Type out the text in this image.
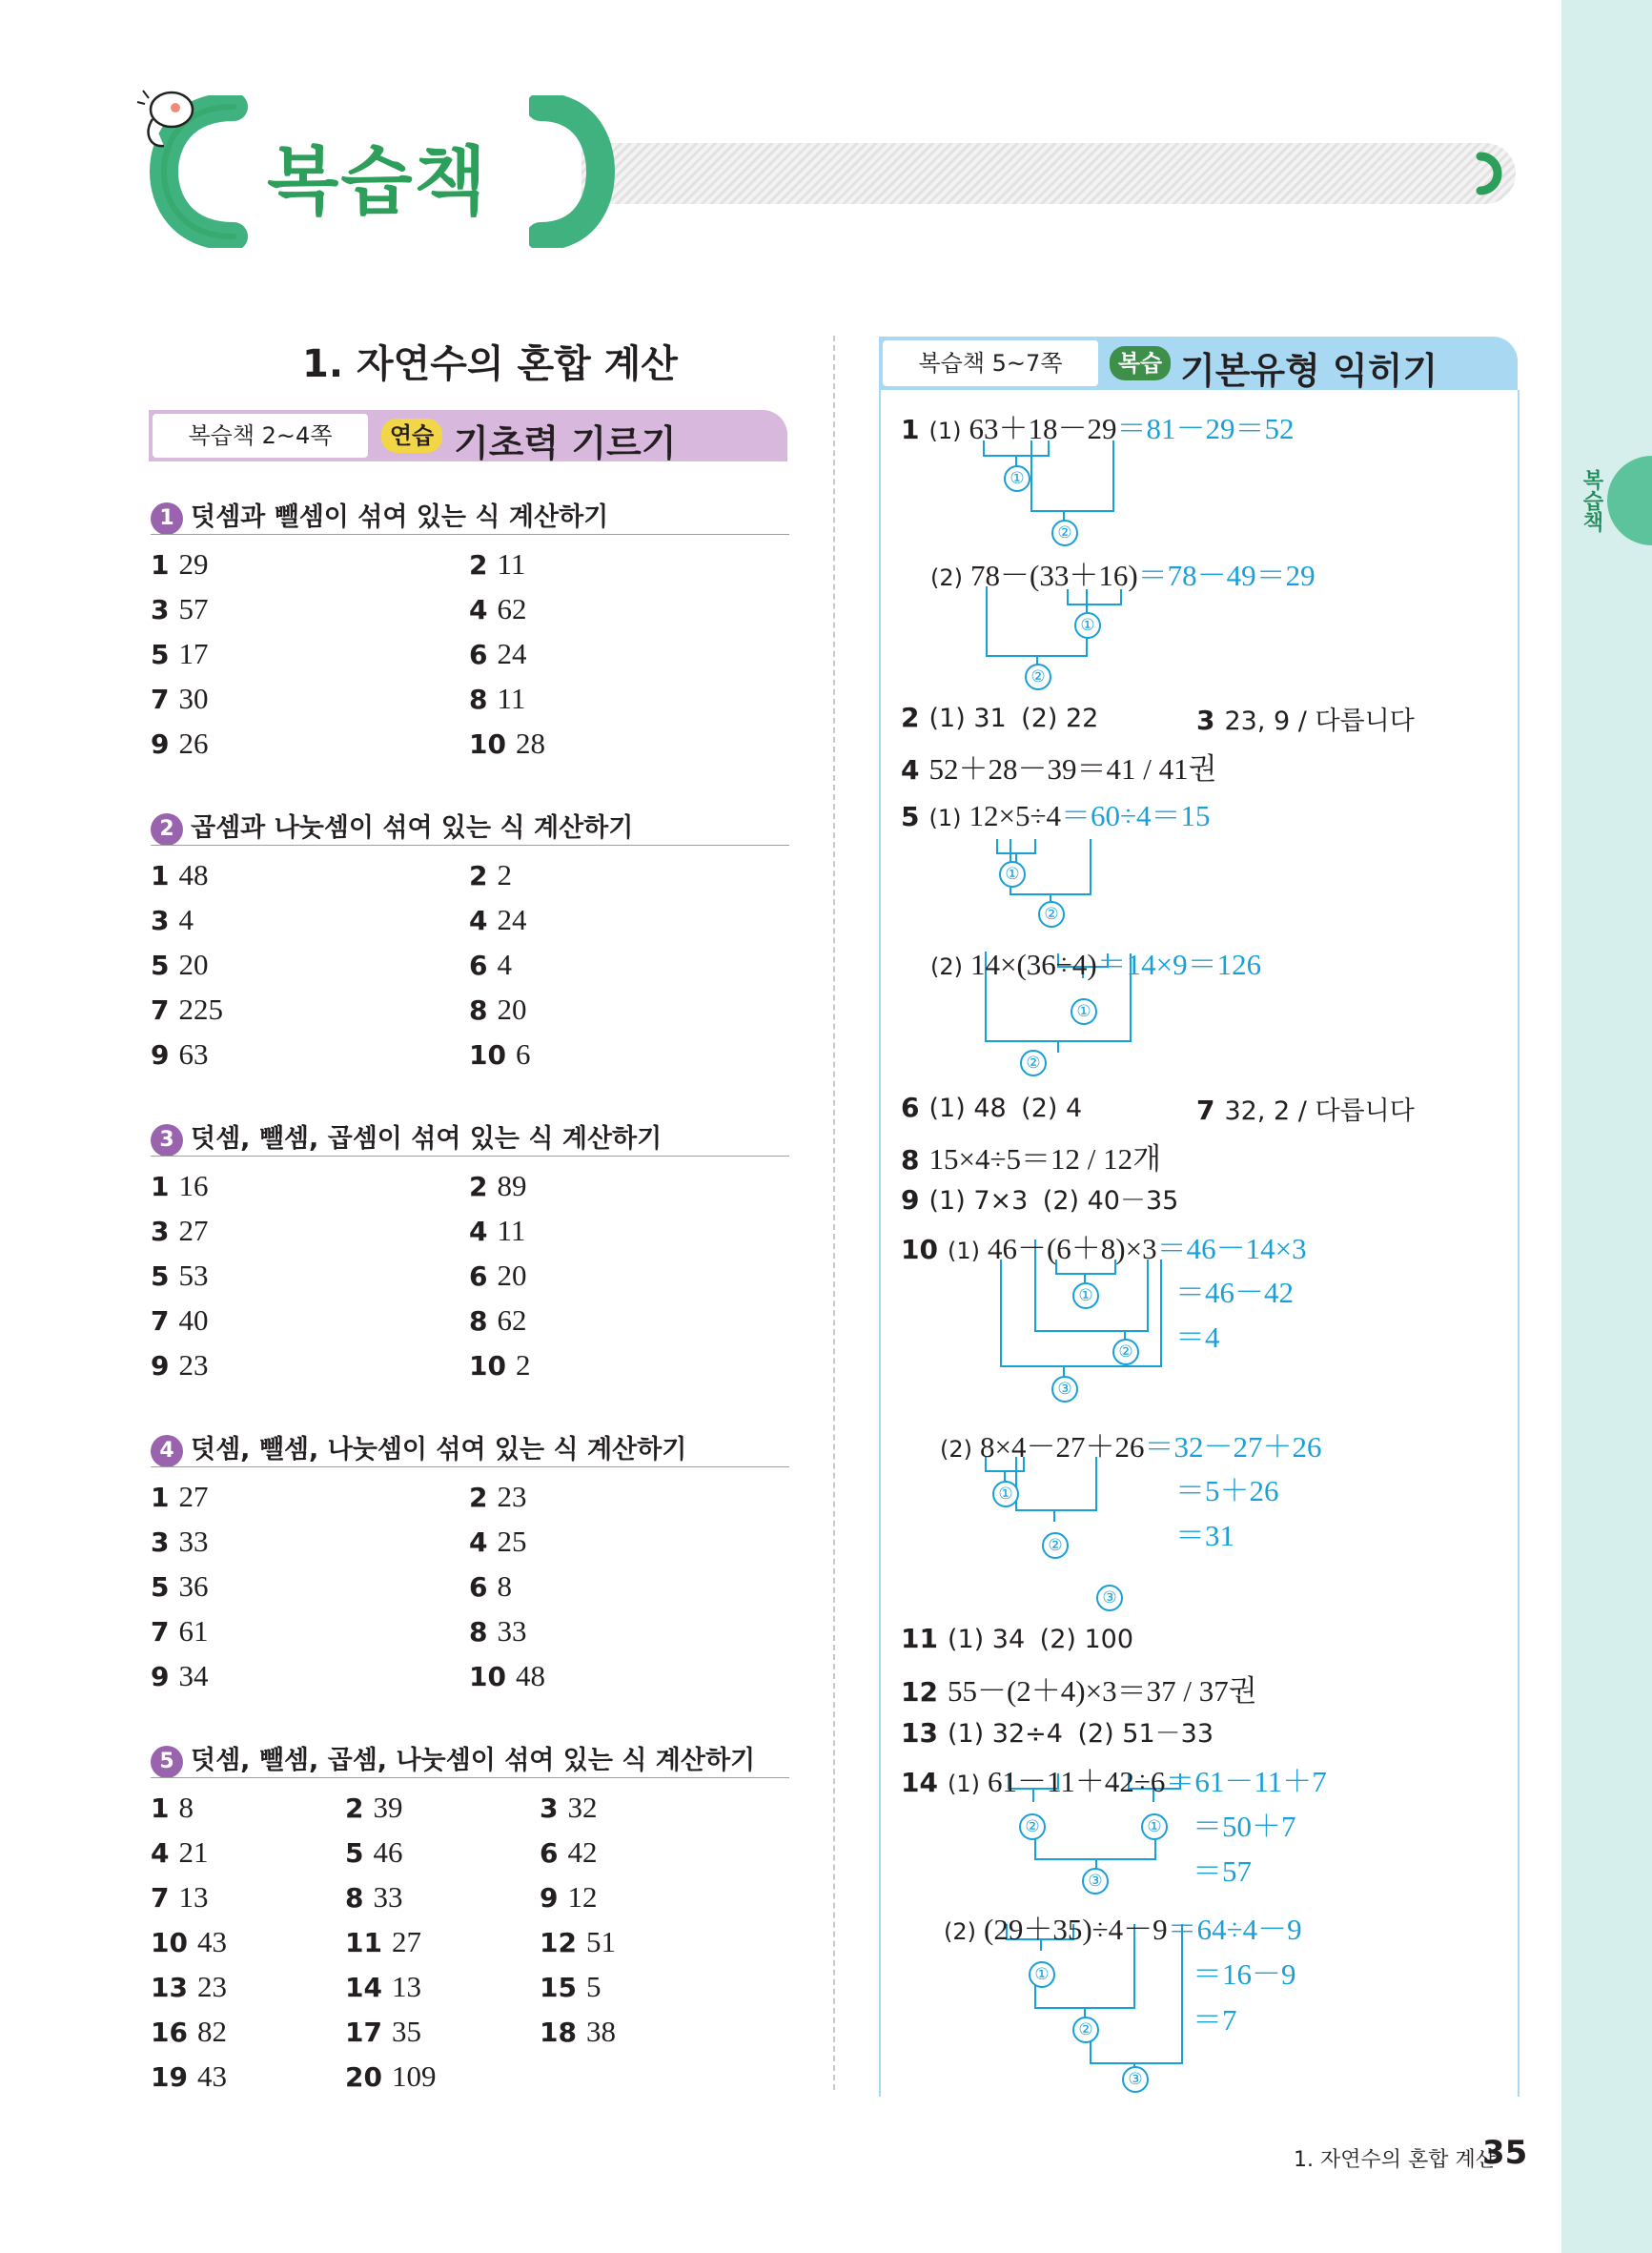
복습책
복습책
1. 자연수의 혼합 계산
복습책 2~4쪽	연습 기초력 기르기
1 덧셈과 뺄셈이 섞여 있는 식 계산하기
1 29	2 11
3 57	4 62
5 17	6 24
7 30	8 11
9 26	10 28
2 곱셈과 나눗셈이 섞여 있는 식 계산하기
1 48	2 2
3 4	4 24
5 20	6 4
7 225	8 20
9 63	10 6
3 덧셈, 뺄셈, 곱셈이 섞여 있는 식 계산하기
1 16	2 89
3 27	4 11
5 53	6 20
7 40	8 62
9 23	10 2
4 덧셈, 뺄셈, 나눗셈이 섞여 있는 식 계산하기
1 27	2 23
3 33	4 25
5 36	6 8
7 61	8 33
9 34	10 48
5 덧셈, 뺄셈, 곱셈, 나눗셈이 섞여 있는 식 계산하기
1 8	2 39	3 32
4 21	5 46	6 42
7 13	8 33	9 12
10 43	11 27	12 51
13 23	14 13	15 5
16 82	17 35	18 38
19 43	20 109
복습책 5~7쪽	복습 기본유형 익히기
1 (1) 63＋18－29＝81－29＝52
①
②
(2) 78－(33＋16)＝78－49＝29
①
②
2 (1) 31 (2) 22	3 23, 9 / 다릅니다
4 52＋28－39＝41 / 41권
5 (1) 12×5÷4＝60÷4＝15
①
②
(2) 14×(36÷4)＝14×9＝126
①
②
6 (1) 48 (2) 4	7 32, 2 / 다릅니다
8 15×4÷5＝12 / 12개
9 (1) 7×3 (2) 40－35
10 (1) 46－(6＋8)×3＝46－14×3
＝46－42
＝4
①
②
③
(2) 8×4－27＋26＝32－27＋26
＝5＋26
＝31
①
②
③
11 (1) 34 (2) 100
12 55－(2＋4)×3＝37 / 37권
13 (1) 32÷4 (2) 51－33
14 (1) 61－11＋42÷6＝61－11＋7
＝50＋7
＝57
②	①
③
(2) (29＋35)÷4－9＝64÷4－9
＝16－9
＝7
①
②
③
1. 자연수의 혼합 계산
35
